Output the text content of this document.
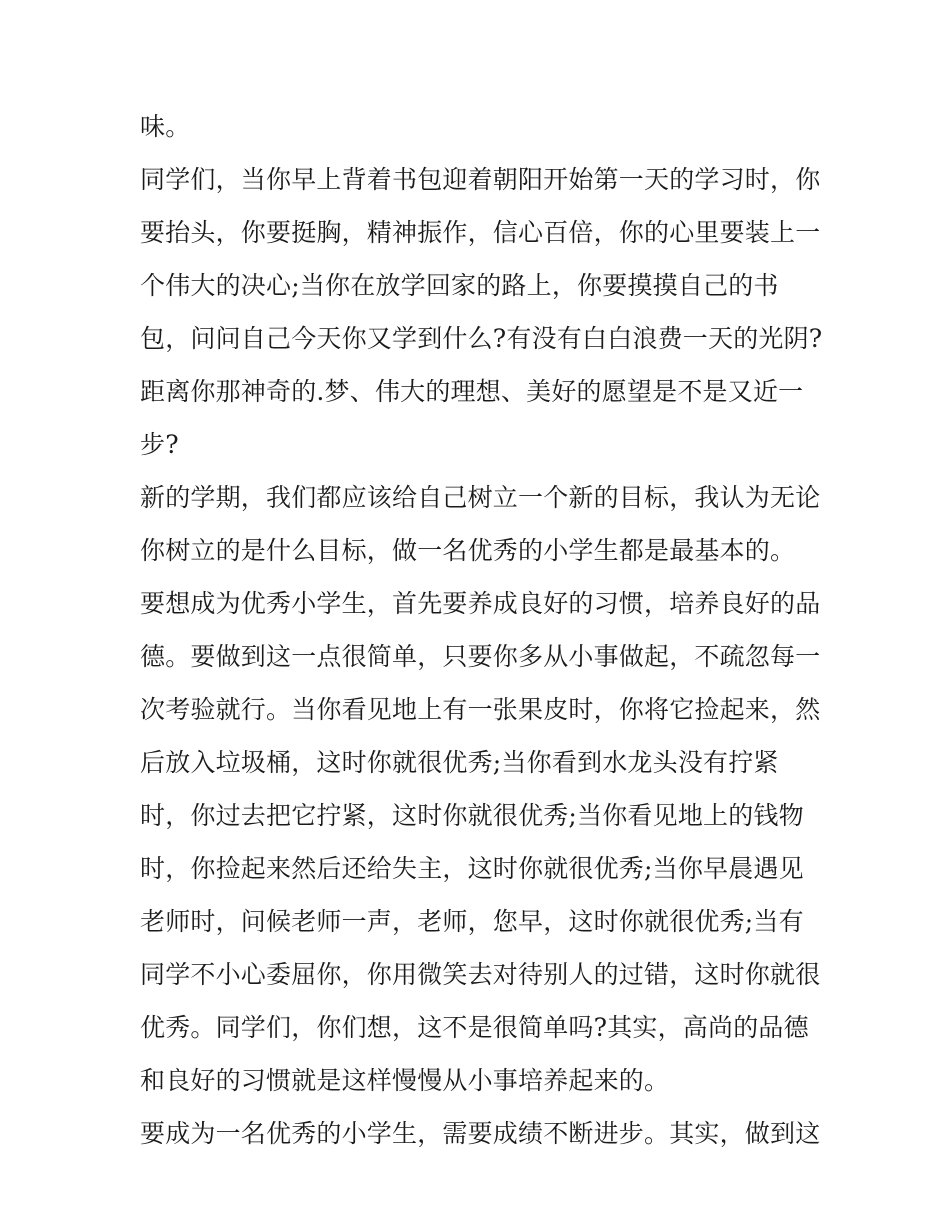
味。
同学们，当你早上背着书包迎着朝阳开始第一天的学习时，你
要抬头，你要挺胸，精神振作，信心百倍，你的心里要装上一
个伟大的决心;当你在放学回家的路上，你要摸摸自己的书
包，问问自己今天你又学到什么?有没有白白浪费一天的光阴?
距离你那神奇的.梦、伟大的理想、美好的愿望是不是又近一
步?
新的学期，我们都应该给自己树立一个新的目标，我认为无论
你树立的是什么目标，做一名优秀的小学生都是最基本的。
要想成为优秀小学生，首先要养成良好的习惯，培养良好的品
德。要做到这一点很简单，只要你多从小事做起，不疏忽每一
次考验就行。当你看见地上有一张果皮时，你将它捡起来，然
后放入垃圾桶，这时你就很优秀;当你看到水龙头没有拧紧
时，你过去把它拧紧，这时你就很优秀;当你看见地上的钱物
时，你捡起来然后还给失主，这时你就很优秀;当你早晨遇见
老师时，问候老师一声，老师，您早，这时你就很优秀;当有
同学不小心委屈你，你用微笑去对待别人的过错，这时你就很
优秀。同学们，你们想，这不是很简单吗?其实，高尚的品德
和良好的习惯就是这样慢慢从小事培养起来的。
要成为一名优秀的小学生，需要成绩不断进步。其实，做到这
